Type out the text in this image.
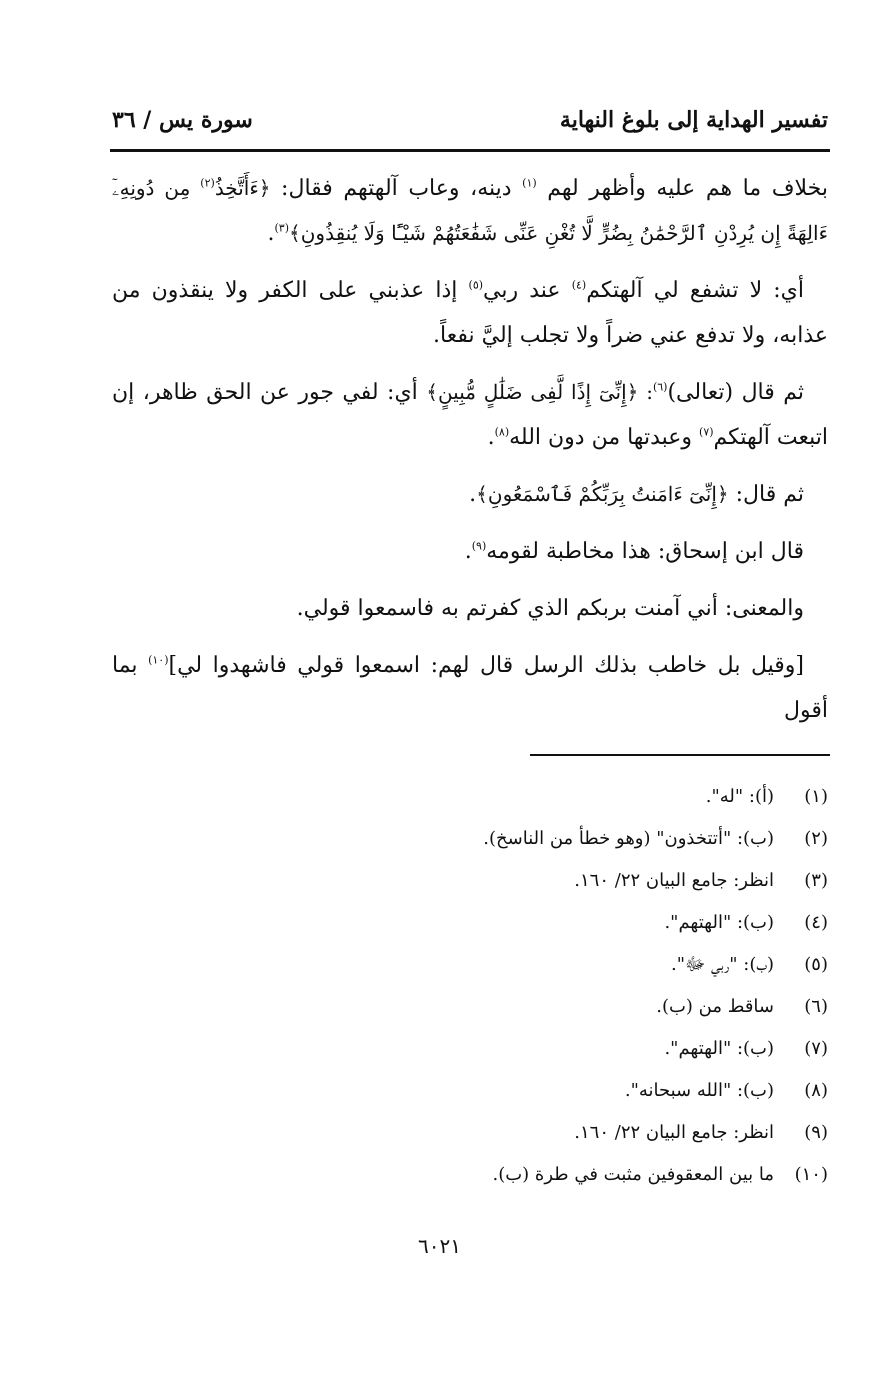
تفسير الهداية إلى بلوغ النهاية
سورة يس / ٣٦

بخلاف ما هم عليه وأظهر لهم $^{(١)}$ دينه، وعاب آلهتهم فقال: ﴿ءَأَتَّخِذُ$^{(٢)}$ مِن دُونِهِۦٓ ءَالِهَةً إِن يُرِدْنِ ٱلرَّحْمَٰنُ بِضُرٍّ لَّا تُغْنِ عَنِّى شَفَٰعَتُهُمْ شَيْـًٔا وَلَا يُنقِذُونِ﴾$^{(٣)}$.

أي: لا تشفع لي آلهتكم$^{(٤)}$ عند ربي$^{(٥)}$ إذا عذبني على الكفر ولا ينقذون من عذابه، ولا تدفع عني ضراً ولا تجلب إليَّ نفعاً.

ثم قال (تعالى)$^{(٦)}$: ﴿إِنِّىٓ إِذًا لَّفِى ضَلَٰلٍ مُّبِينٍ﴾ أي: لفي جور عن الحق ظاهر، إن اتبعت آلهتكم$^{(٧)}$ وعبدتها من دون الله$^{(٨)}$.

ثم قال: ﴿إِنِّىٓ ءَامَنتُ بِرَبِّكُمْ فَٱسْمَعُونِ﴾.

قال ابن إسحاق: هذا مخاطبة لقومه$^{(٩)}$.

والمعنى: أني آمنت بربكم الذي كفرتم به فاسمعوا قولي.

[وقيل بل خاطب بذلك الرسل قال لهم: اسمعوا قولي فاشهدوا لي]$^{(١٠)}$ بما أقول

(١)
(أ): "له".
(٢)
(ب): "أتتخذون" (وهو خطأ من الناسخ).
(٣)
انظر: جامع البيان ٢٢/ ١٦٠.
(٤)
(ب): "الهتهم".
(٥)
(ب): "ربي ﷻ".
(٦)
ساقط من (ب).
(٧)
(ب): "الهتهم".
(٨)
(ب): "الله سبحانه".
(٩)
انظر: جامع البيان ٢٢/ ١٦٠.
(١٠)
ما بين المعقوفين مثبت في طرة (ب).
٦٠٢١
